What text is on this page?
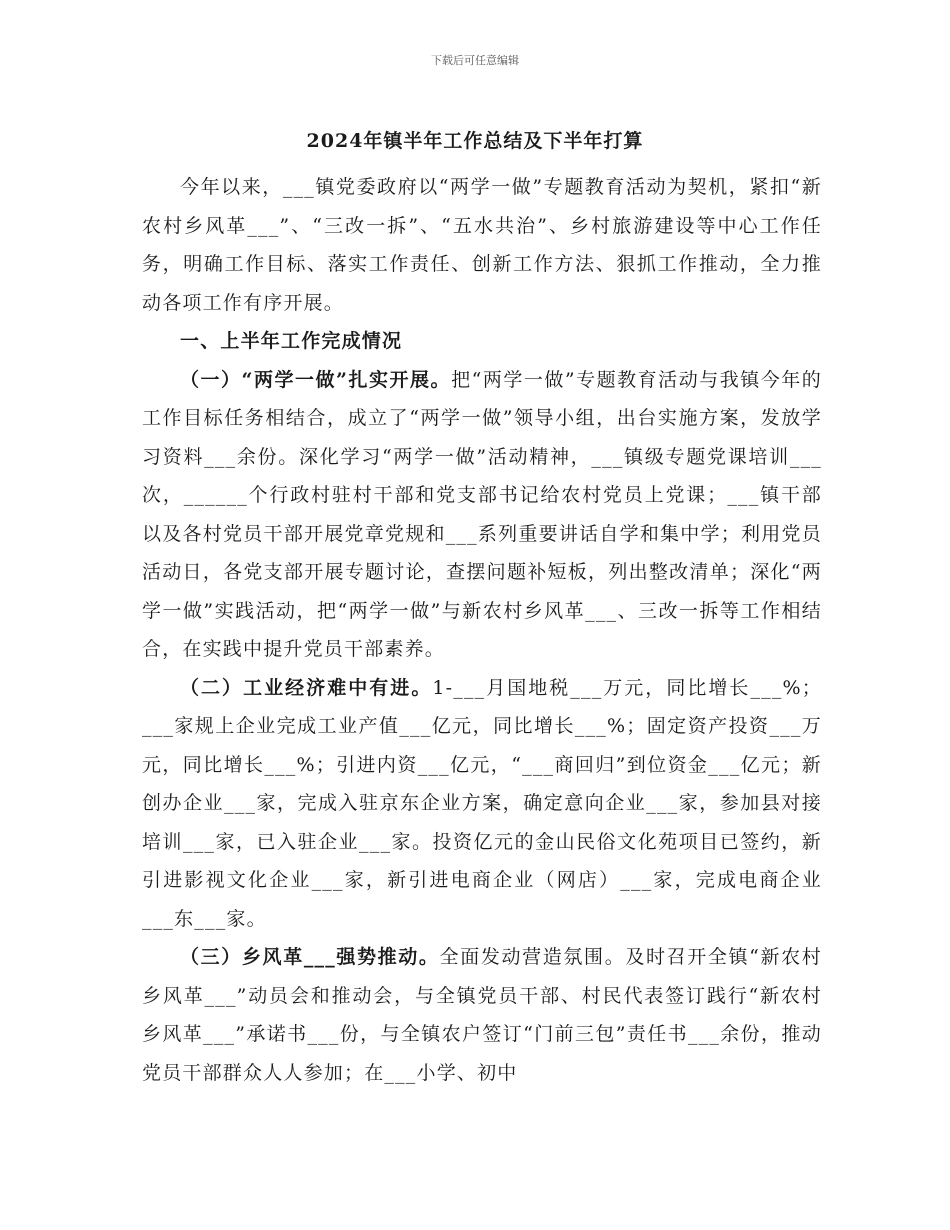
下载后可任意编辑
2024年镇半年工作总结及下半年打算

今年以来，___镇党委政府以“两学一做”专题教育活动为契机，紧扣“新农村乡风革___”、“三改一拆”、“五水共治”、乡村旅游建设等中心工作任务，明确工作目标、落实工作责任、创新工作方法、狠抓工作推动，全力推动各项工作有序开展。

一、上半年工作完成情况

（一）“两学一做”扎实开展。把“两学一做”专题教育活动与我镇今年的工作目标任务相结合，成立了“两学一做”领导小组，出台实施方案，发放学习资料___余份。深化学习“两学一做”活动精神，___镇级专题党课培训___次，______个行政村驻村干部和党支部书记给农村党员上党课；___镇干部以及各村党员干部开展党章党规和___系列重要讲话自学和集中学；利用党员活动日，各党支部开展专题讨论，查摆问题补短板，列出整改清单；深化“两学一做”实践活动，把“两学一做”与新农村乡风革___、三改一拆等工作相结合，在实践中提升党员干部素养。

（二）工业经济难中有进。1-___月国地税___万元，同比增长___%；___家规上企业完成工业产值___亿元，同比增长___%；固定资产投资___万元，同比增长___%；引进内资___亿元，“___商回归”到位资金___亿元；新创办企业___家，完成入驻京东企业方案，确定意向企业___家，参加县对接培训___家，已入驻企业___家。投资亿元的金山民俗文化苑项目已签约，新引进影视文化企业___家，新引进电商企业（网店）___家，完成电商企业___东___家。

（三）乡风革___强势推动。全面发动营造氛围。及时召开全镇“新农村乡风革___”动员会和推动会，与全镇党员干部、村民代表签订践行“新农村乡风革___”承诺书___份，与全镇农户签订“门前三包”责任书___余份，推动党员干部群众人人参加；在___小学、初中
